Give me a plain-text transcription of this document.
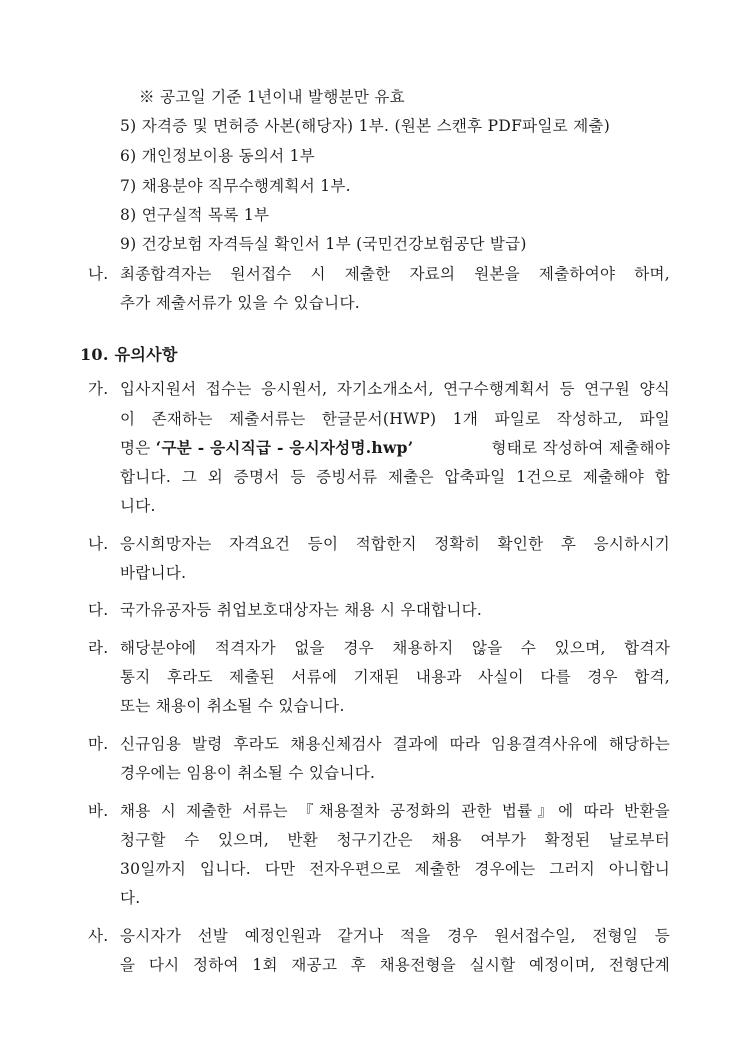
※ 공고일 기준 1년이내 발행분만 유효
5) 자격증 및 면허증 사본(해당자) 1부. (원본 스캔후 PDF파일로 제출)
6) 개인정보이용 동의서 1부
7) 채용분야 직무수행계획서 1부.
8) 연구실적 목록 1부
9) 건강보험 자격득실 확인서 1부 (국민건강보험공단 발급)
나. 최종합격자는 원서접수 시 제출한 자료의 원본을 제출하여야 하며,
추가 제출서류가 있을 수 있습니다.
10. 유의사항
가. 입사지원서 접수는 응시원서, 자기소개소서, 연구수행계획서 등 연구원 양식
이 존재하는 제출서류는 한글문서(HWP) 1개 파일로 작성하고, 파일
명은 ‘구분 - 응시직급 - 응시자성명.hwp’	형태로 작성하여 제출해야
합니다. 그 외 증명서 등 증빙서류 제출은 압축파일 1건으로 제출해야 합
니다.
나. 응시희망자는 자격요건 등이 적합한지 정확히 확인한 후 응시하시기
바랍니다.
다. 국가유공자등 취업보호대상자는 채용 시 우대합니다.
라. 해당분야에 적격자가 없을 경우 채용하지 않을 수 있으며, 합격자
통지 후라도 제출된 서류에 기재된 내용과 사실이 다를 경우 합격,
또는 채용이 취소될 수 있습니다.
마. 신규임용 발령 후라도 채용신체검사 결과에 따라 임용결격사유에 해당하는
경우에는 임용이 취소될 수 있습니다.
바. 채용 시 제출한 서류는 『채용절차 공정화의 관한 법률』에 따라 반환을
청구할 수 있으며, 반환 청구기간은 채용 여부가 확정된 날로부터
30일까지 입니다. 다만 전자우편으로 제출한 경우에는 그러지 아니합니
다.
사. 응시자가 선발 예정인원과 같거나 적을 경우 원서접수일, 전형일 등
을 다시 정하여 1회 재공고 후 채용전형을 실시할 예정이며, 전형단계
